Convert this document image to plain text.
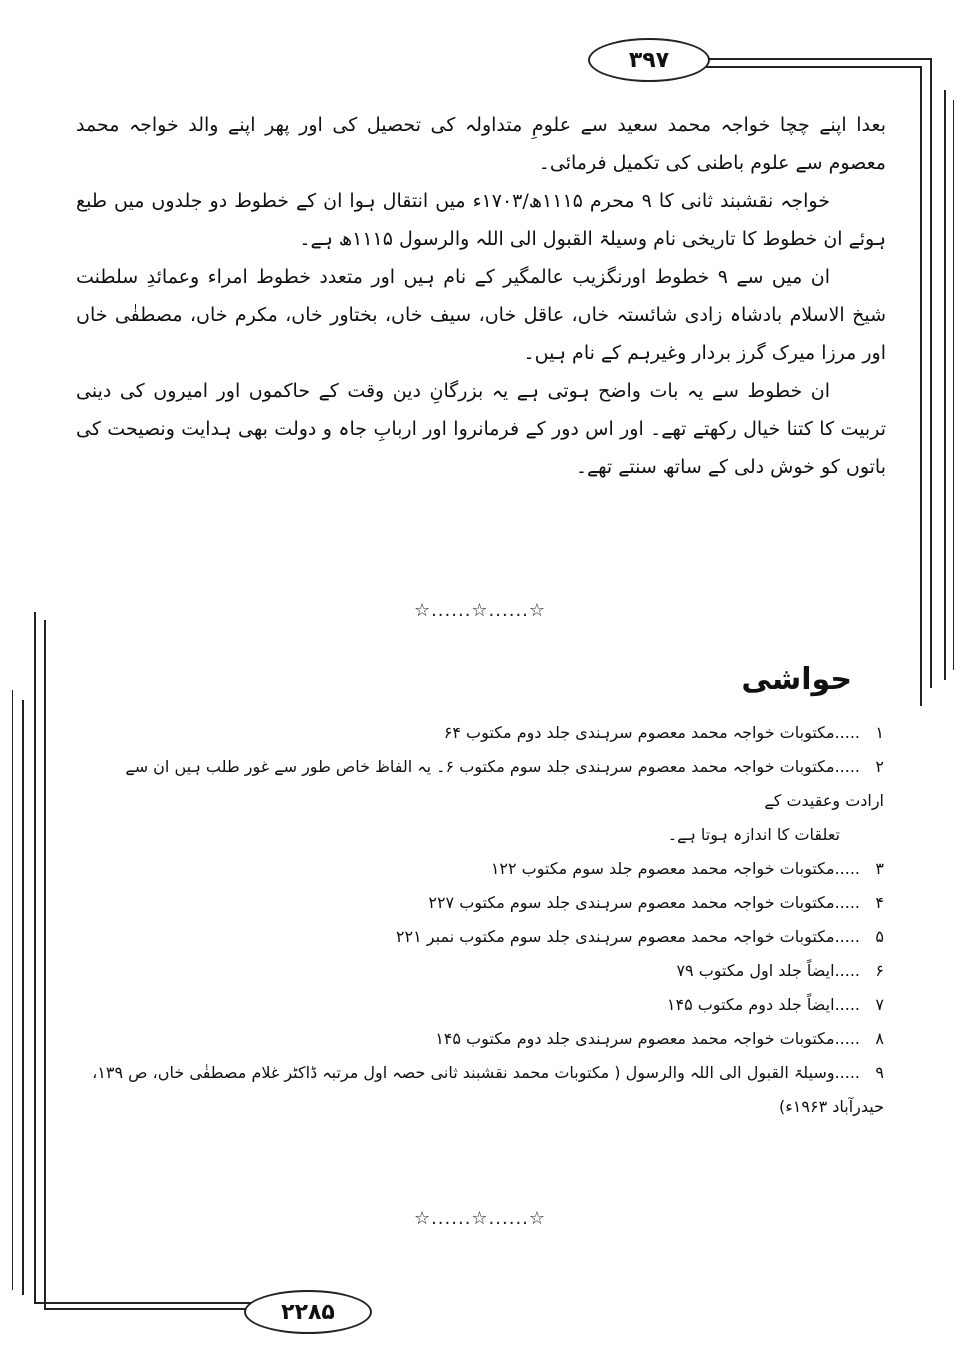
۳۹۷
۲۲۸۵

بعدا اپنے چچا خواجہ محمد سعید سے علومِ متداولہ کی تحصیل کی اور پھر اپنے والد خواجہ محمد معصوم سے علوم باطنی کی تکمیل فرمائی۔

خواجہ نقشبند ثانی کا ۹ محرم ۱۱۱۵ھ/۱۷۰۳ء میں انتقال ہوا ان کے خطوط دو جلدوں میں طبع ہوئے ان خطوط کا تاریخی نام وسیلۃ القبول الی اللہ والرسول ۱۱۱۵ھ ہے۔

ان میں سے ۹ خطوط اورنگزیب عالمگیر کے نام ہیں اور متعدد خطوط امراء وعمائدِ سلطنت شیخ الاسلام بادشاہ زادی شائستہ خاں، عاقل خاں، سیف خاں، بختاور خاں، مکرم خاں، مصطفٰی خاں اور مرزا میرک گرز بردار وغیرہم کے نام ہیں۔

ان خطوط سے یہ بات واضح ہوتی ہے یہ بزرگانِ دین وقت کے حاکموں اور امیروں کی دینی تربیت کا کتنا خیال رکھتے تھے۔ اور اس دور کے فرمانروا اور اربابِ جاہ و دولت بھی ہدایت ونصیحت کی باتوں کو خوش دلی کے ساتھ سنتے تھے۔

☆......☆......☆
حواشی

۱.....مکتوبات خواجہ محمد معصوم سرہندی جلد دوم مکتوب ۶۴

۲.....مکتوبات خواجہ محمد معصوم سرہندی جلد سوم مکتوب ۶۔ یہ الفاظ خاص طور سے غور طلب ہیں ان سے ارادت وعقیدت کے

تعلقات کا اندازہ ہوتا ہے۔

۳.....مکتوبات خواجہ محمد معصوم جلد سوم مکتوب ۱۲۲

۴.....مکتوبات خواجہ محمد معصوم سرہندی جلد سوم مکتوب ۲۲۷

۵.....مکتوبات خواجہ محمد معصوم سرہندی جلد سوم مکتوب نمبر ۲۲۱

۶.....ایضاً جلد اول مکتوب ۷۹

۷.....ایضاً جلد دوم مکتوب ۱۴۵

۸.....مکتوبات خواجہ محمد معصوم سرہندی جلد دوم مکتوب ۱۴۵

۹.....وسیلۃ القبول الی اللہ والرسول ( مکتوبات محمد نقشبند ثانی حصہ اول مرتبہ ڈاکٹر غلام مصطفٰی خاں، ص ۱۳۹، حیدرآباد ۱۹۶۳ء)

☆......☆......☆
